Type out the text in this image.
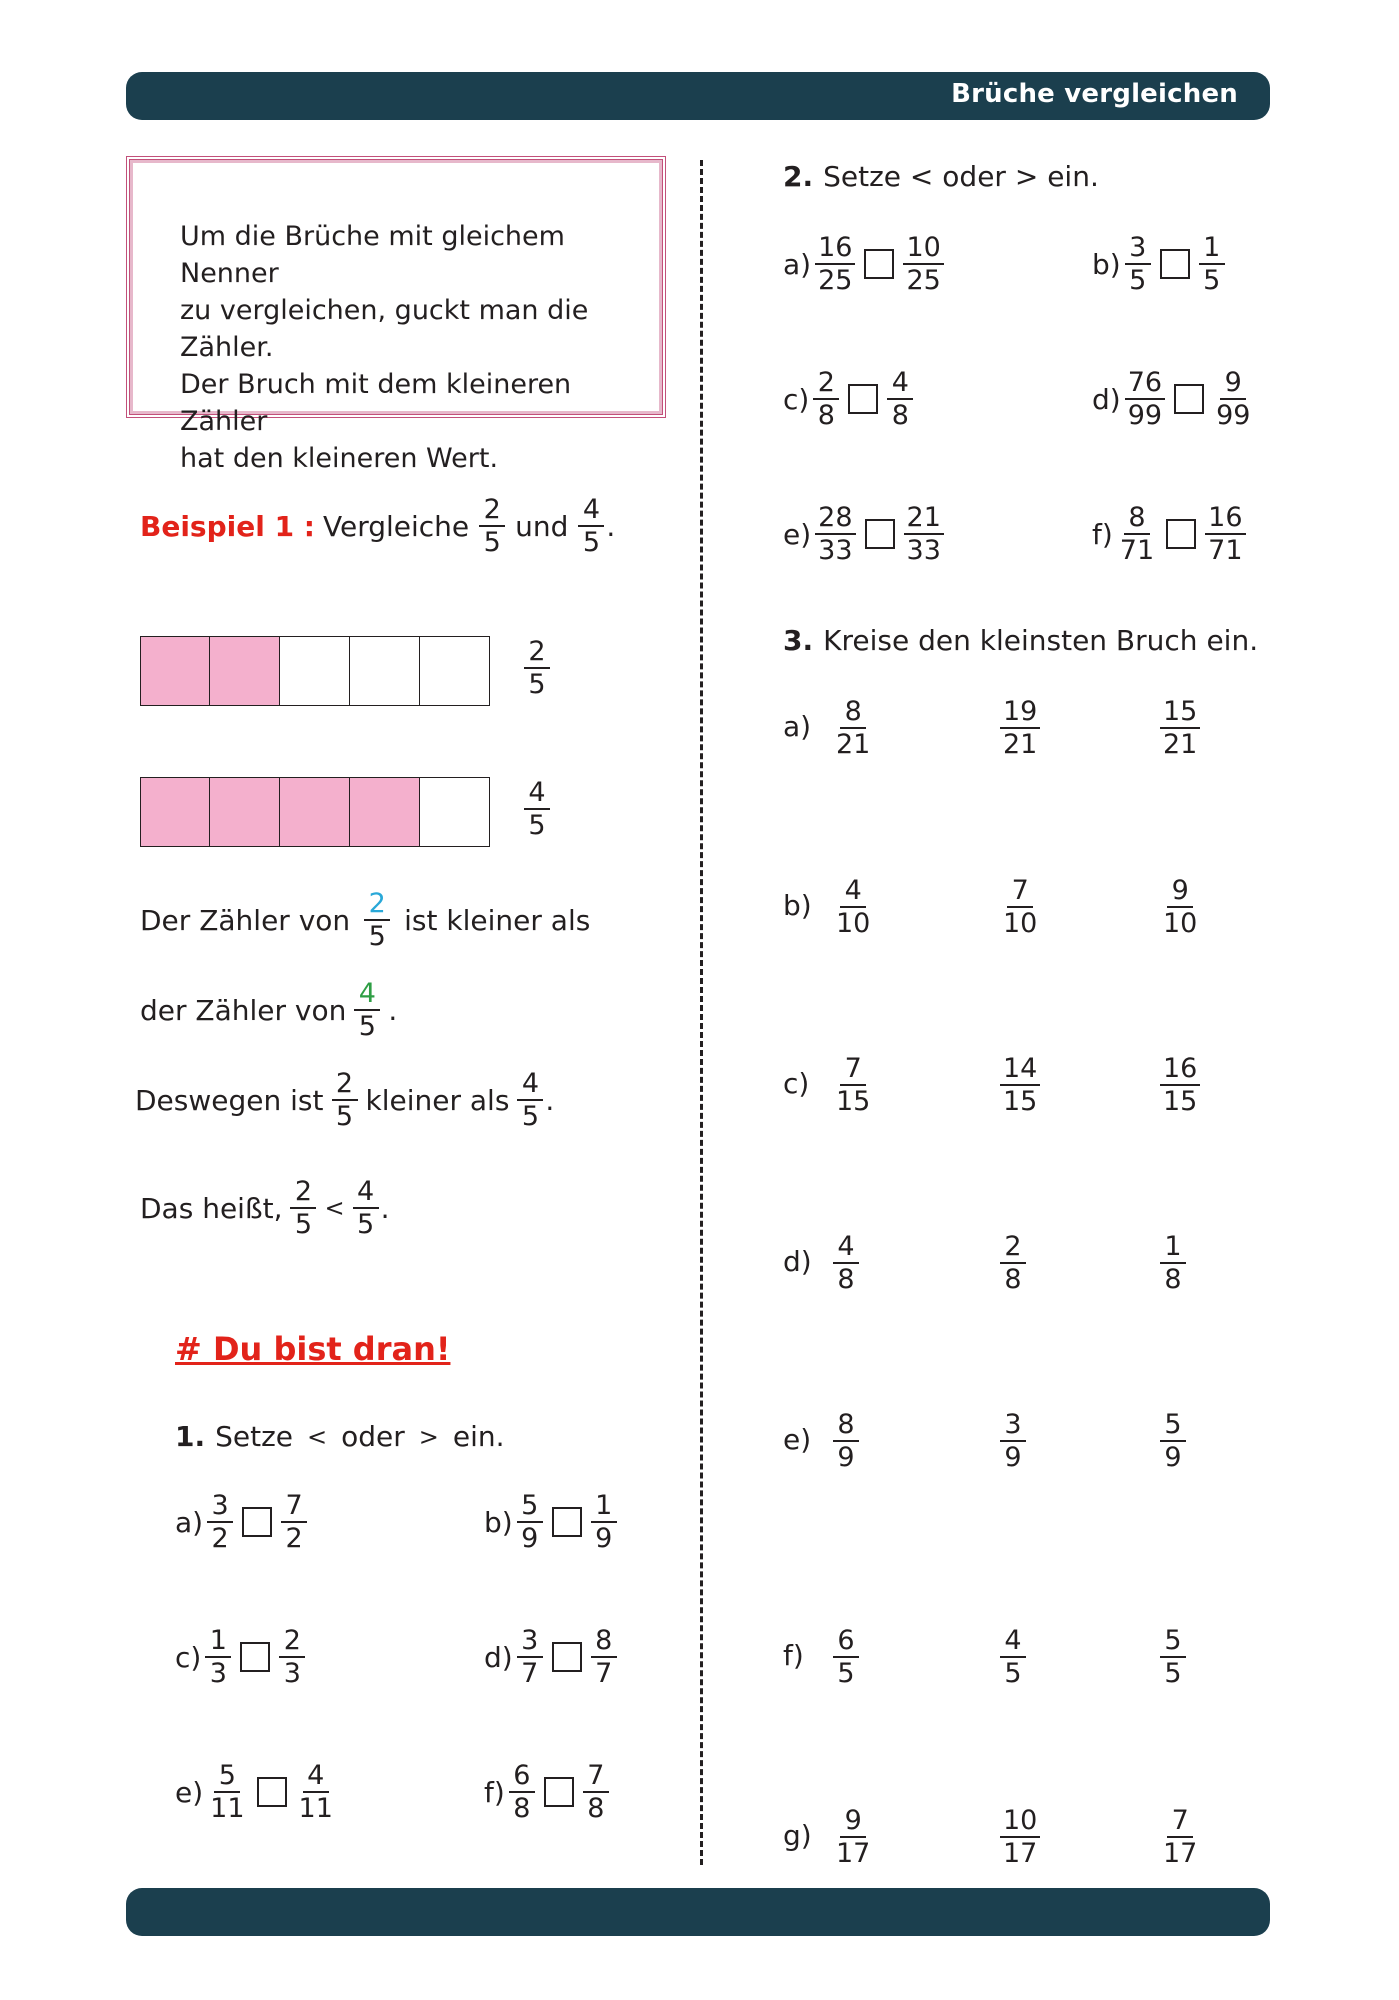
Brüche vergleichen
Um die Brüche mit gleichem Nenner
zu vergleichen, guckt man die Zähler.
Der Bruch mit dem kleineren Zähler
hat den kleineren Wert.
Beispiel 1 : Vergleiche $\frac{2}{5}$ und $\frac{4}{5}$ .
$\frac{2}{5}$
$\frac{4}{5}$
Der Zähler von $\frac{2}{5}$ ist kleiner als
der Zähler von $\frac{4}{5}$ .
Deswegen ist $\frac{2}{5}$ kleiner als $\frac{4}{5}$ .
Das heißt, $\frac{2}{5} < \frac{4}{5}$ .
# Du bist dran!
1. Setze < oder > ein.
$a) \frac{3}{2} \frac{7}{2}$	$b) \frac{5}{9} \frac{1}{9}$
$c) \frac{1}{3} \frac{2}{3}$	$d) \frac{3}{7} \frac{8}{7}$
$e) \frac{5}{11} \frac{4}{11}$	$f) \frac{6}{8} \frac{7}{8}$
2. Setze < oder > ein.
$a) \frac{16}{25} \frac{10}{25}$	$b) \frac{3}{5} \frac{1}{5}$
$c) \frac{2}{8} \frac{4}{8}$	$d) \frac{76}{99} \frac{9}{99}$
$e) \frac{28}{33} \frac{21}{33}$	$f) \frac{8}{71} \frac{16}{71}$
3. Kreise den kleinsten Bruch ein.
$a) \frac{8}{21}$	$\frac{19}{21}$	$\frac{15}{21}$
$b) \frac{4}{10}$	$\frac{7}{10}$	$\frac{9}{10}$
$c) \frac{7}{15}$	$\frac{14}{15}$	$\frac{16}{15}$
$d) \frac{4}{8}$	$\frac{2}{8}$	$\frac{1}{8}$
$e) \frac{8}{9}$	$\frac{3}{9}$	$\frac{5}{9}$
$f) \frac{6}{5}$	$\frac{4}{5}$	$\frac{5}{5}$
$g) \frac{9}{17}$	$\frac{10}{17}$	$\frac{7}{17}$
